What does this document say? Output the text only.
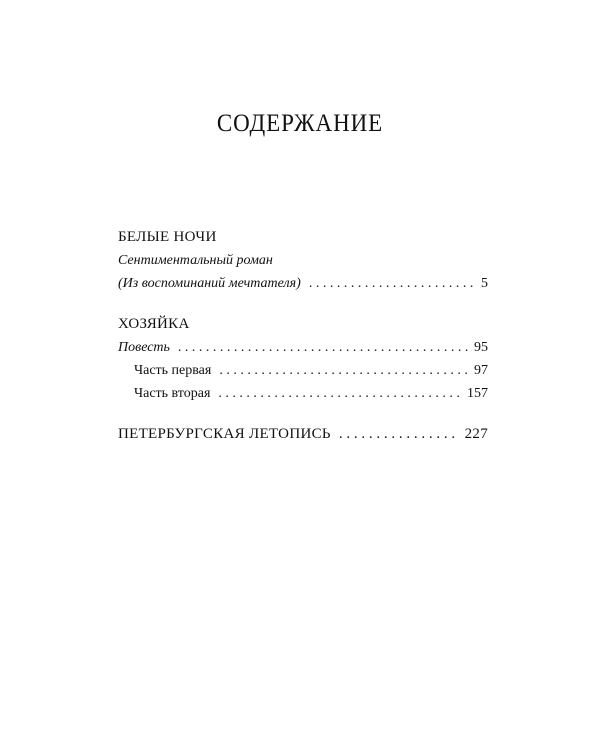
СОДЕРЖАНИЕ
БЕЛЫЕ НОЧИ
Сентиментальный роман
(Из воспоминаний мечтателя) . . .	5
ХОЗЯЙКА
Повесть . . .	95
Часть первая . . .	97
Часть вторая . . .	157
ПЕТЕРБУРГСКАЯ ЛЕТОПИСЬ . . .	227
